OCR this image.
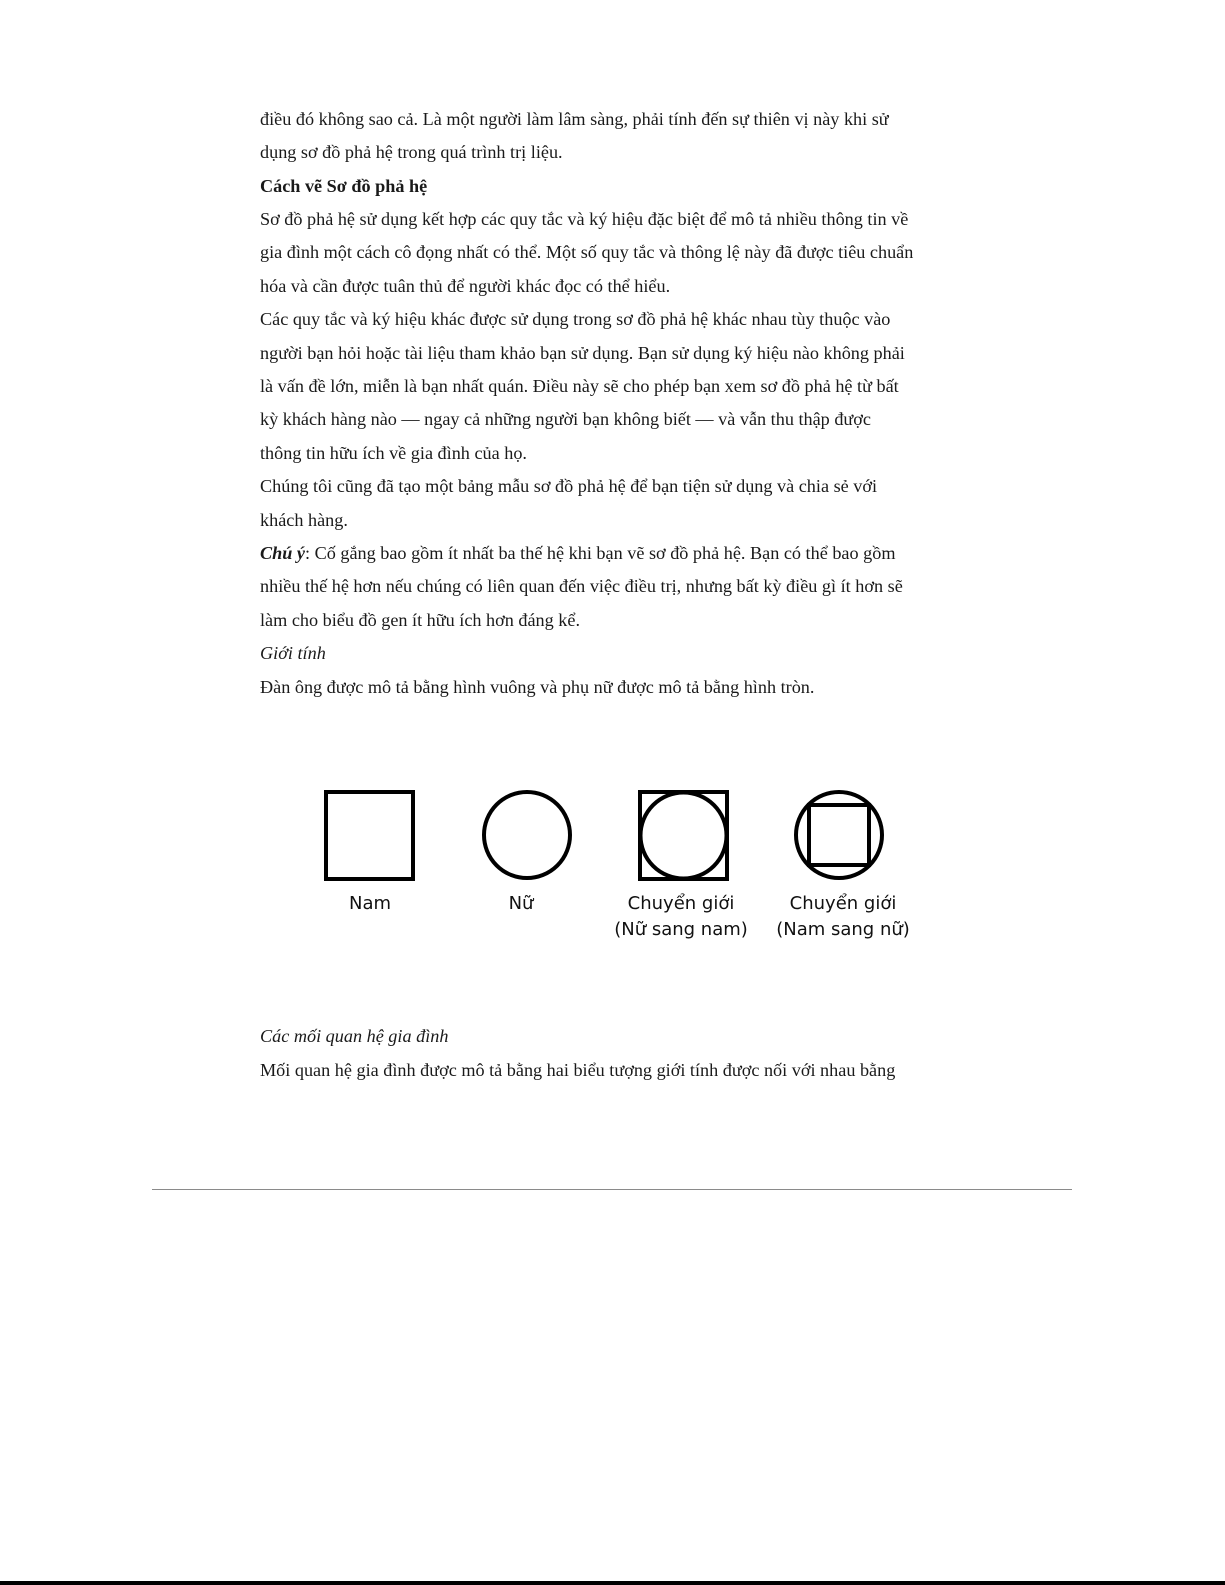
điều đó không sao cả. Là một người làm lâm sàng, phải tính đến sự thiên vị này khi sử
dụng sơ đồ phả hệ trong quá trình trị liệu.
Cách vẽ Sơ đồ phả hệ
Sơ đồ phả hệ sử dụng kết hợp các quy tắc và ký hiệu đặc biệt để mô tả nhiều thông tin về
gia đình một cách cô đọng nhất có thể. Một số quy tắc và thông lệ này đã được tiêu chuẩn
hóa và cần được tuân thủ để người khác đọc có thể hiểu.
Các quy tắc và ký hiệu khác được sử dụng trong sơ đồ phả hệ khác nhau tùy thuộc vào
người bạn hỏi hoặc tài liệu tham khảo bạn sử dụng. Bạn sử dụng ký hiệu nào không phải
là vấn đề lớn, miễn là bạn nhất quán. Điều này sẽ cho phép bạn xem sơ đồ phả hệ từ bất
kỳ khách hàng nào — ngay cả những người bạn không biết — và vẫn thu thập được
thông tin hữu ích về gia đình của họ.
Chúng tôi cũng đã tạo một bảng mẫu sơ đồ phả hệ để bạn tiện sử dụng và chia sẻ với
khách hàng.
Chú ý: Cố gắng bao gồm ít nhất ba thế hệ khi bạn vẽ sơ đồ phả hệ. Bạn có thể bao gồm
nhiều thế hệ hơn nếu chúng có liên quan đến việc điều trị, nhưng bất kỳ điều gì ít hơn sẽ
làm cho biểu đồ gen ít hữu ích hơn đáng kể.
Giới tính
Đàn ông được mô tả bằng hình vuông và phụ nữ được mô tả bằng hình tròn.
Nam	Nữ	Chuyển giới
(Nữ sang nam)
Chuyển giới
(Nam sang nữ)
Các mối quan hệ gia đình
Mối quan hệ gia đình được mô tả bằng hai biểu tượng giới tính được nối với nhau bằng
